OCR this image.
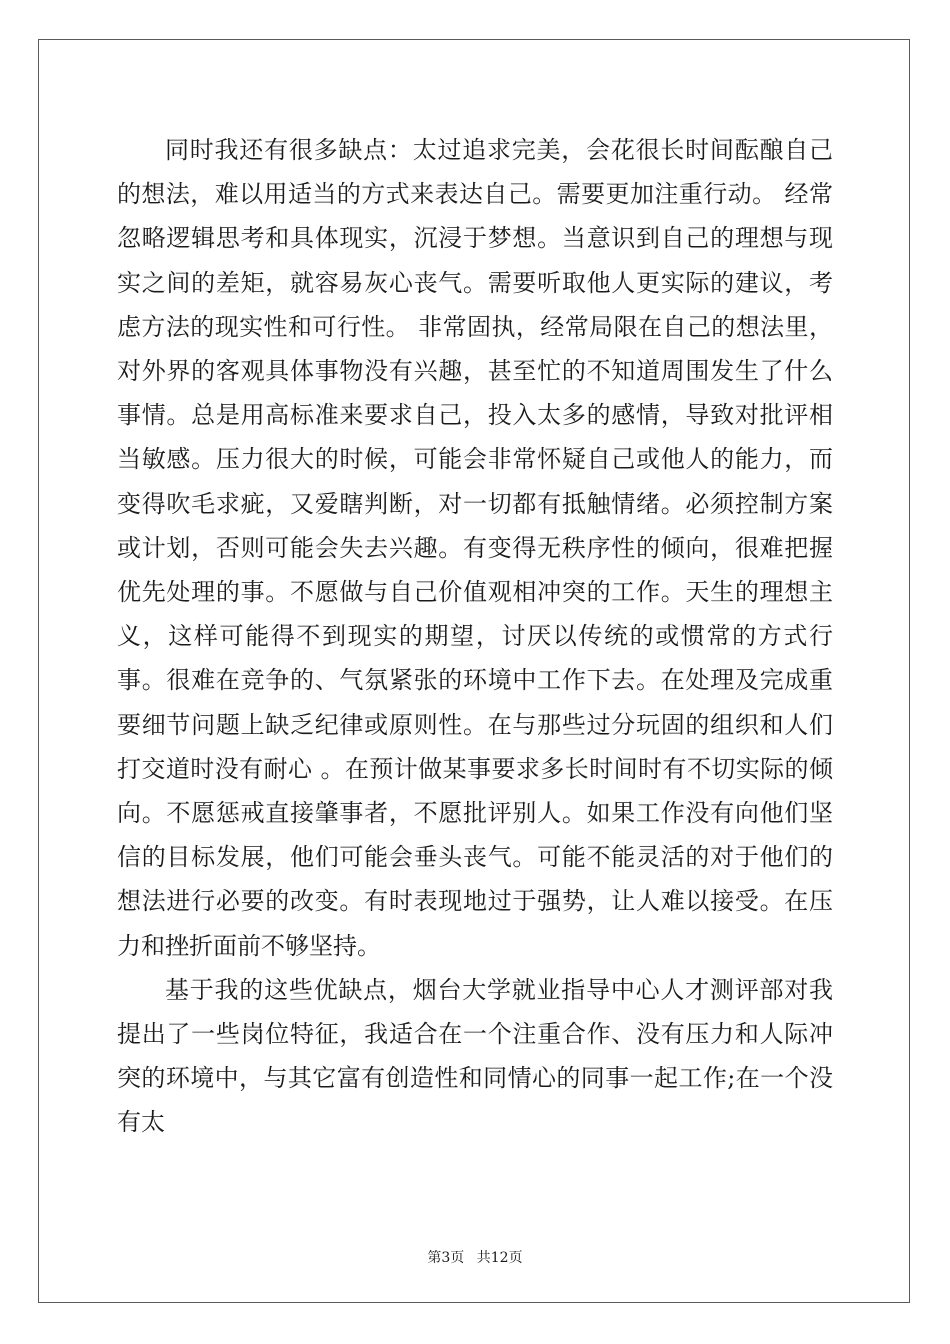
同时我还有很多缺点：太过追求完美，会花很长时间酝酿自己的想法，难以用适当的方式来表达自己。需要更加注重行动。 经常忽略逻辑思考和具体现实，沉浸于梦想。当意识到自己的理想与现实之间的差矩，就容易灰心丧气。需要听取他人更实际的建议，考虑方法的现实性和可行性。 非常固执，经常局限在自己的想法里，对外界的客观具体事物没有兴趣，甚至忙的不知道周围发生了什么事情。总是用高标准来要求自己，投入太多的感情，导致对批评相当敏感。压力很大的时候，可能会非常怀疑自己或他人的能力，而变得吹毛求疵，又爱瞎判断，对一切都有抵触情绪。必须控制方案或计划，否则可能会失去兴趣。有变得无秩序性的倾向，很难把握优先处理的事。不愿做与自己价值观相冲突的工作。天生的理想主义，这样可能得不到现实的期望，讨厌以传统的或惯常的方式行事。很难在竞争的、气氛紧张的环境中工作下去。在处理及完成重要细节问题上缺乏纪律或原则性。在与那些过分玩固的组织和人们打交道时没有耐心 。在预计做某事要求多长时间时有不切实际的倾向。不愿惩戒直接肇事者，不愿批评别人。如果工作没有向他们坚信的目标发展，他们可能会垂头丧气。可能不能灵活的对于他们的想法进行必要的改变。有时表现地过于强势，让人难以接受。在压力和挫折面前不够坚持。

基于我的这些优缺点，烟台大学就业指导中心人才测评部对我提出了一些岗位特征，我适合在一个注重合作、没有压力和人际冲突的环境中，与其它富有创造性和同情心的同事一起工作;在一个没有太

第3页 共12页
